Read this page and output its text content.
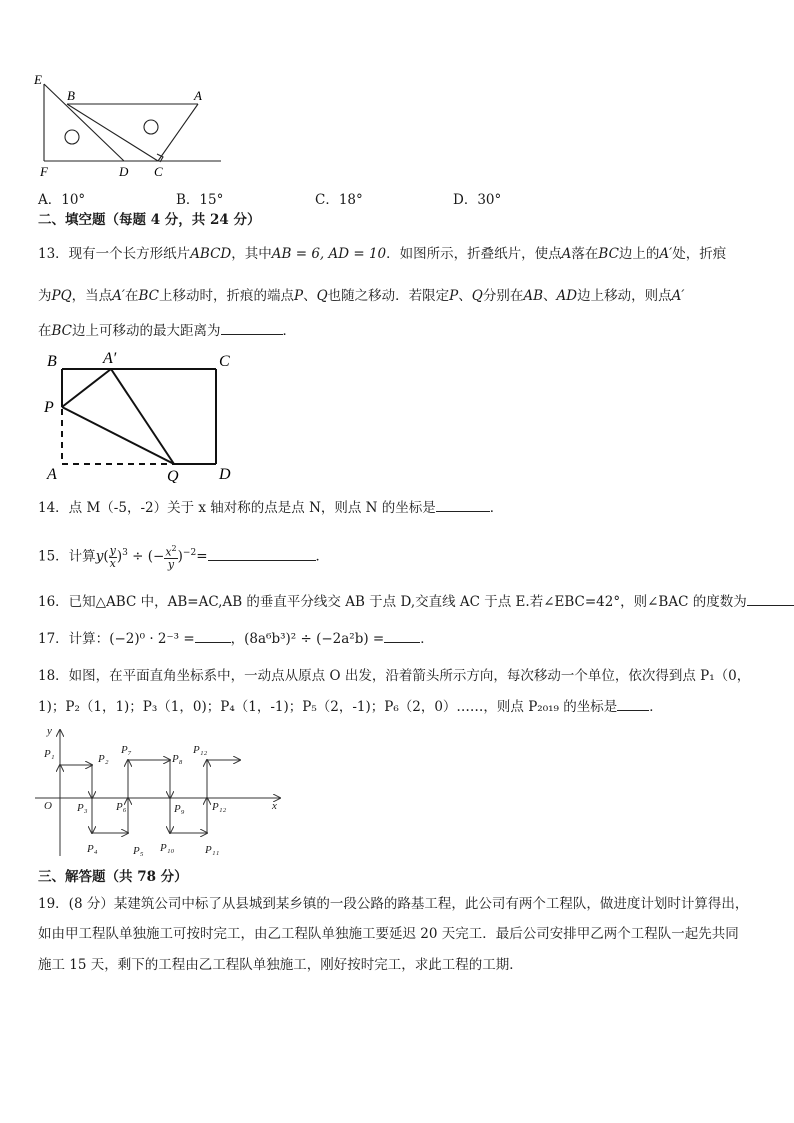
E
B	A
F	D C
A．10°	B．15°	C．18°	D．30°
二、填空题（每题 4 分，共 24 分）
13．现有一个长方形纸片ABCD，其中AB = 6, AD = 10．如图所示，折叠纸片，使点A落在BC边上的A′处，折痕
为PQ，当点A′在BC上移动时，折痕的端点P、Q也随之移动．若限定P、Q分别在AB、AD边上移动，则点A′
在BC边上可移动的最大距离为	．
B	A′	C
P
A	Q	D
14．点 M（-5，-2）关于 x 轴对称的点是点 N，则点 N 的坐标是	．
15．计算$y( \frac{y}{x} )^3$ ÷ (− $\frac{x^2}{y} )^{-2}=$	．
16．已知△ABC 中，AB=AC,AB 的垂直平分线交 AB 于点 D,交直线 AC 于点 E.若∠EBC=42°，则∠BAC 的度数为
17．计算：(−2)⁰ · 2⁻³ =	，(8a⁶b³)² ÷ (−2a²b) =	．
18．如图，在平面直角坐标系中，一动点从原点 O 出发，沿着箭头所示方向，每次移动一个单位，依次得到点 P₁（0，
1)；P₂（1，1)；P₃（1，0)；P₄（1，-1)；P₅（2，-1)；P₆（2，0）……，则点 P₂₀₁₉ 的坐标是 ．
y
x
O
P₁	P₂
P₃
P₄	P₅
P₆
P₇
P₈
P₉
P₁₀	P₁₁
P₁₂
P₁₂
三、解答题（共 78 分）
19．(8 分）某建筑公司中标了从县城到某乡镇的一段公路的路基工程，此公司有两个工程队，做进度计划时计算得出，
如由甲工程队单独施工可按时完工，由乙工程队单独施工要延迟 20 天完工．最后公司安排甲乙两个工程队一起先共同
施工 15 天，剩下的工程由乙工程队单独施工，刚好按时完工，求此工程的工期．
